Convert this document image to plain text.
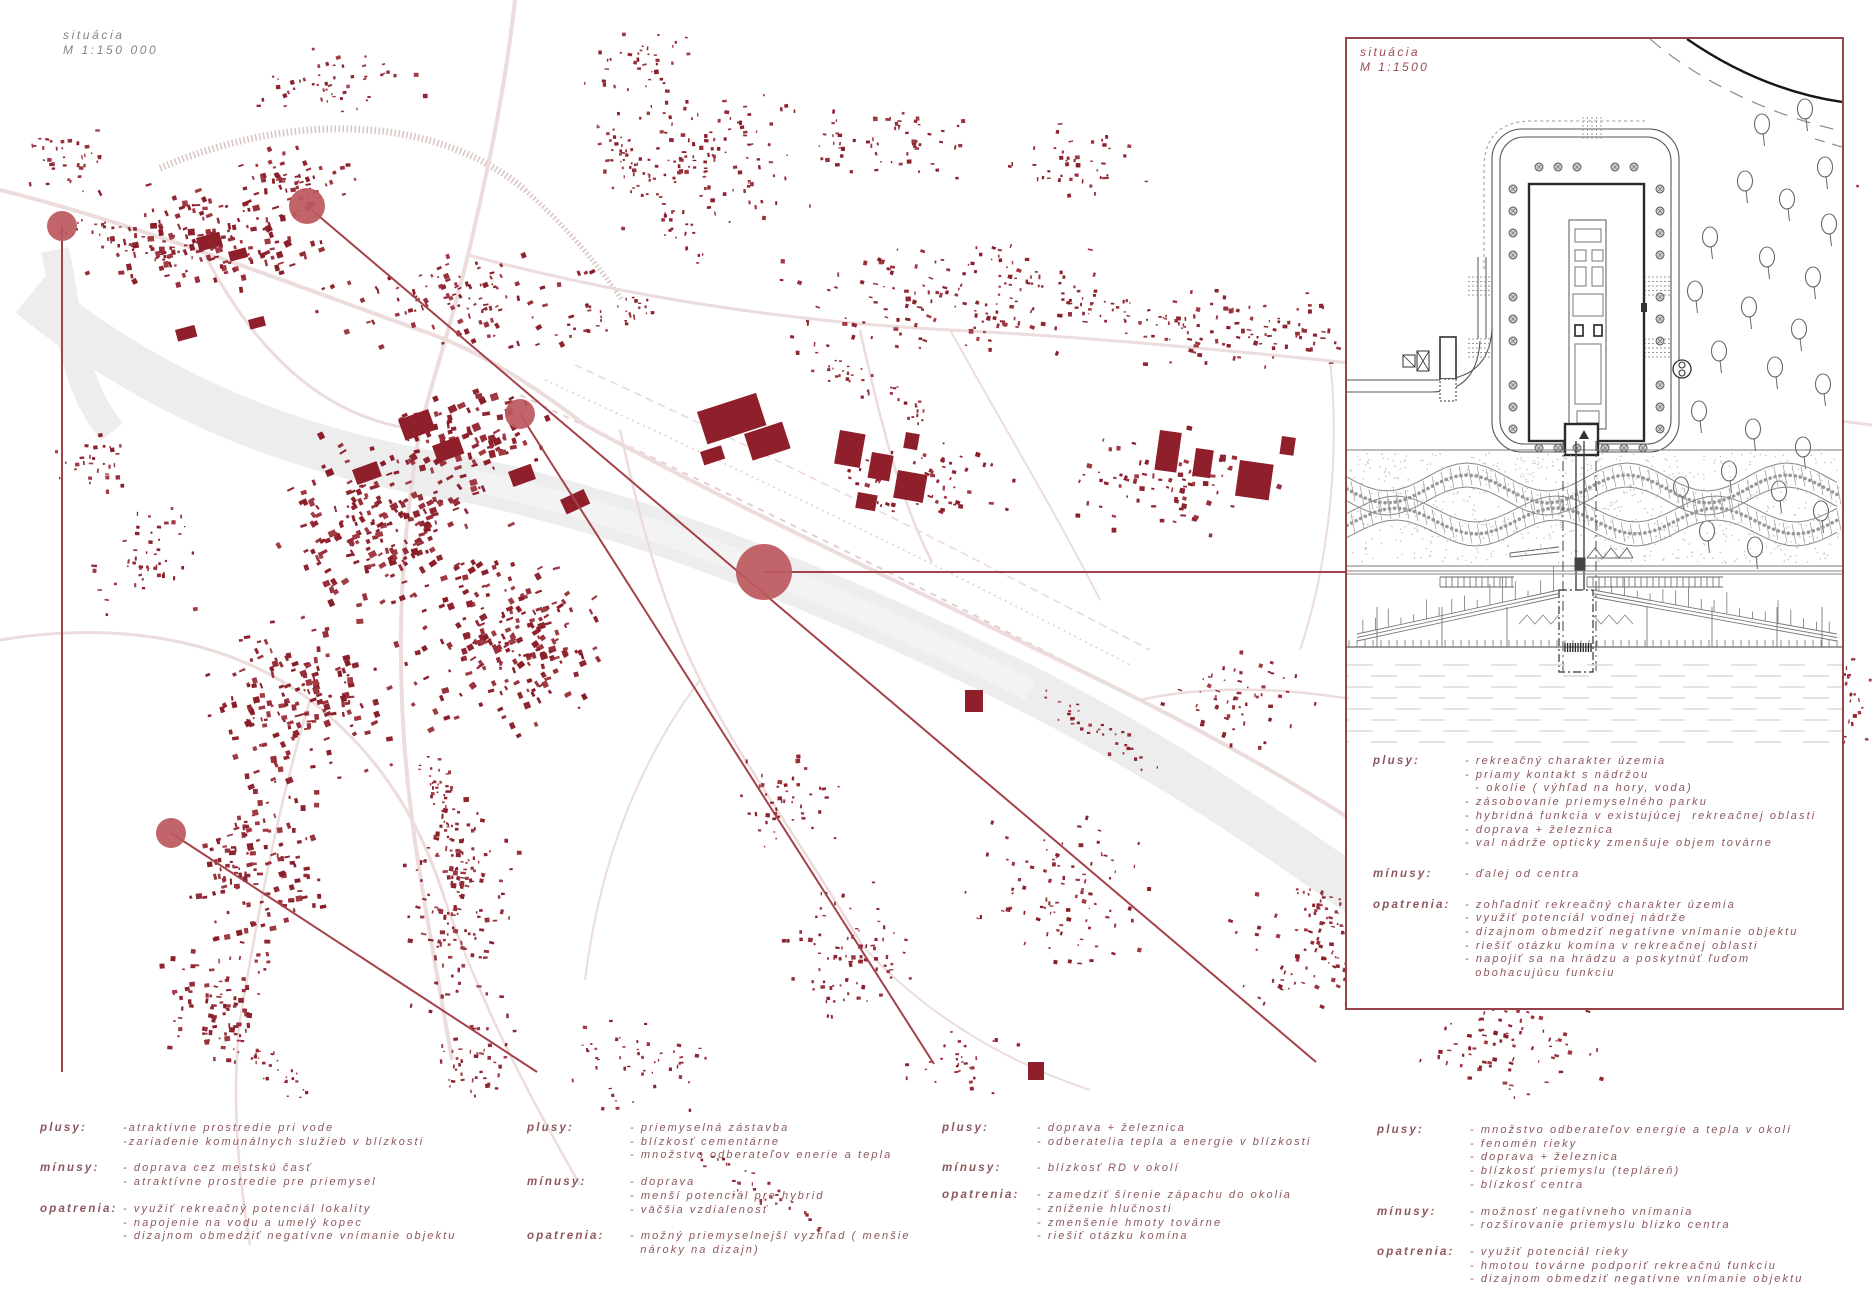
situácia
M 1:150 000	situácia
M 1:1500
plusy:	- rekreačný charakter územia
- priamy kontakt s nádržou
- okolie ( výhľad na hory, voda)
- zásobovanie priemyselného parku
- hybridná funkcia v existujúcej  rekreačnej oblasti
- doprava + železnica
- val nádrže opticky zmenšuje objem továrne
mínusy:	- ďalej od centra
opatrenia:	- zohľadniť rekreačný charakter územia
- využiť potenciál vodnej nádrže
- dizajnom obmedziť negatívne vnímanie objektu
- riešiť otázku komína v rekreačnej oblasti
- napojiť sa na hrádzu a poskytnúť ľuďom
obohacujúcu funkciu
plusy:	-atraktívne prostredie pri vode
-zariadenie komunálnych služieb v blízkosti
mínusy:	- doprava cez mestskú časť
- atraktívne prostredie pre priemysel
opatrenia: - využiť rekreačný potenciál lokality
- napojenie na vodu a umelý kopec
- dizajnom obmedziť negatívne vnímanie objektu
plusy:	- priemyselná zástavba
- blízkosť cementárne
- množstvo odberateľov enerie a tepla
mínusy:	- doprava
- menší potenciál pre hybrid
- väčšia vzdialenosť
opatrenia:	- možný priemyselnejší vyzhľad ( menšie
nároky na dizajn)
plusy:	- doprava + železnica
- odberatelia tepla a energie v blízkosti
mínusy:	- blízkosť RD v okolí
opatrenia:	- zamedziť šírenie zápachu do okolia
- zniženie hlučnosti
- zmenšenie hmoty továrne
- riešiť otázku komína
plusy:	- množstvo odberateľov energie a tepla v okolí
- fenomén rieky
- doprava + železnica
- blízkosť priemyslu (teplárеň)
- blízkosť centra
mínusy:	- možnosť negatívneho vnímania
- rozširovanie priemyslu blizko centra
opatrenia:	- využiť potenciál rieky
- hmotou továrne podporiť rekreačnú funkciu
- dizajnom obmedziť negatívne vnímanie objektu
